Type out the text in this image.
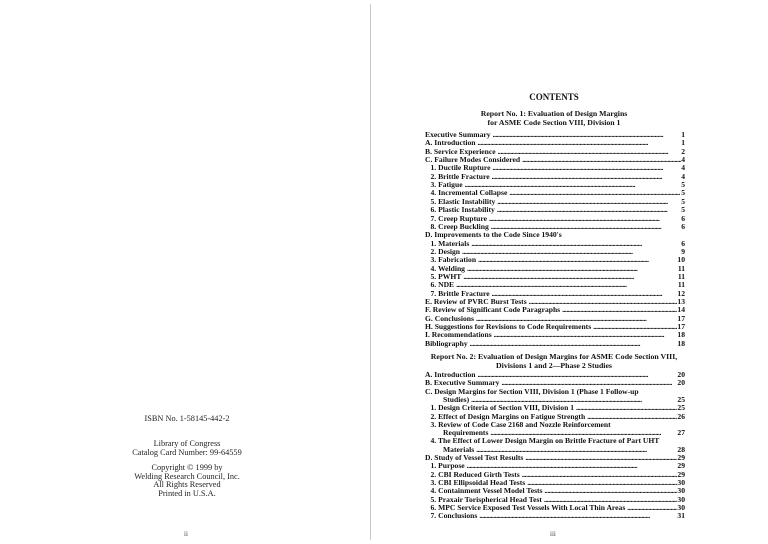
ISBN No. 1-58145-442-2
Library of Congress
Catalog Card Number: 99-64559
Copyright © 1999 by
Welding Research Council, Inc.
All Rights Reserved
Printed in U.S.A.
ii
CONTENTS
Report No. 1: Evaluation of Design Margins
for ASME Code Section VIII, Division 1
Report No. 2: Evaluation of Design Margins for ASME Code Section VIII,
Divisions 1 and 2—Phase 2 Studies
Executive Summary . . .	1
A. Introduction . . .	1
B. Service Experience . . .	2
C. Failure Modes Considered . . .	4
1. Ductile Rupture . . .	4
2. Brittle Fracture . . .	4
3. Fatigue . . .	5
4. Incremental Collapse . . .	5
5. Elastic Instability . . .	5
6. Plastic Instability . . .	5
7. Creep Rupture . . .	6
8. Creep Buckling . . .	6
D. Improvements to the Code Since 1940's
1. Materials . . .	6
2. Design . . .	9
3. Fabrication . . .	10
4. Welding . . .	11
5. PWHT . . .	11
6. NDE . . .	11
7. Brittle Fracture . . .	12
E. Review of PVRC Burst Tests . . .	13
F. Review of Significant Code Paragraphs . . .	14
G. Conclusions . . .	17
H. Suggestions for Revisions to Code Requirements . . .	17
I. Recommendations . . .	18
Bibliography . . .	18
A. Introduction . . .	20
B. Executive Summary . . .	20
C. Design Margins for Section VIII, Division 1 (Phase 1 Follow-up
Studies) . . .	25
1. Design Criteria of Section VIII, Division 1 . . .	25
2. Effect of Design Margins on Fatigue Strength . . .	26
3. Review of Code Case 2168 and Nozzle Reinforcement
Requirements . . .	27
4. The Effect of Lower Design Margin on Brittle Fracture of Part UHT
Materials . . .	28
D. Study of Vessel Test Results . . .	29
1. Purpose . . .	29
2. CBI Reduced Girth Tests . . .	29
3. CBI Ellipsoidal Head Tests . . .	30
4. Containment Vessel Model Tests . . .	30
5. Praxair Torispherical Head Test . . .	30
6. MPC Service Exposed Test Vessels With Local Thin Areas . . .	30
7. Conclusions . . .	31
iii
